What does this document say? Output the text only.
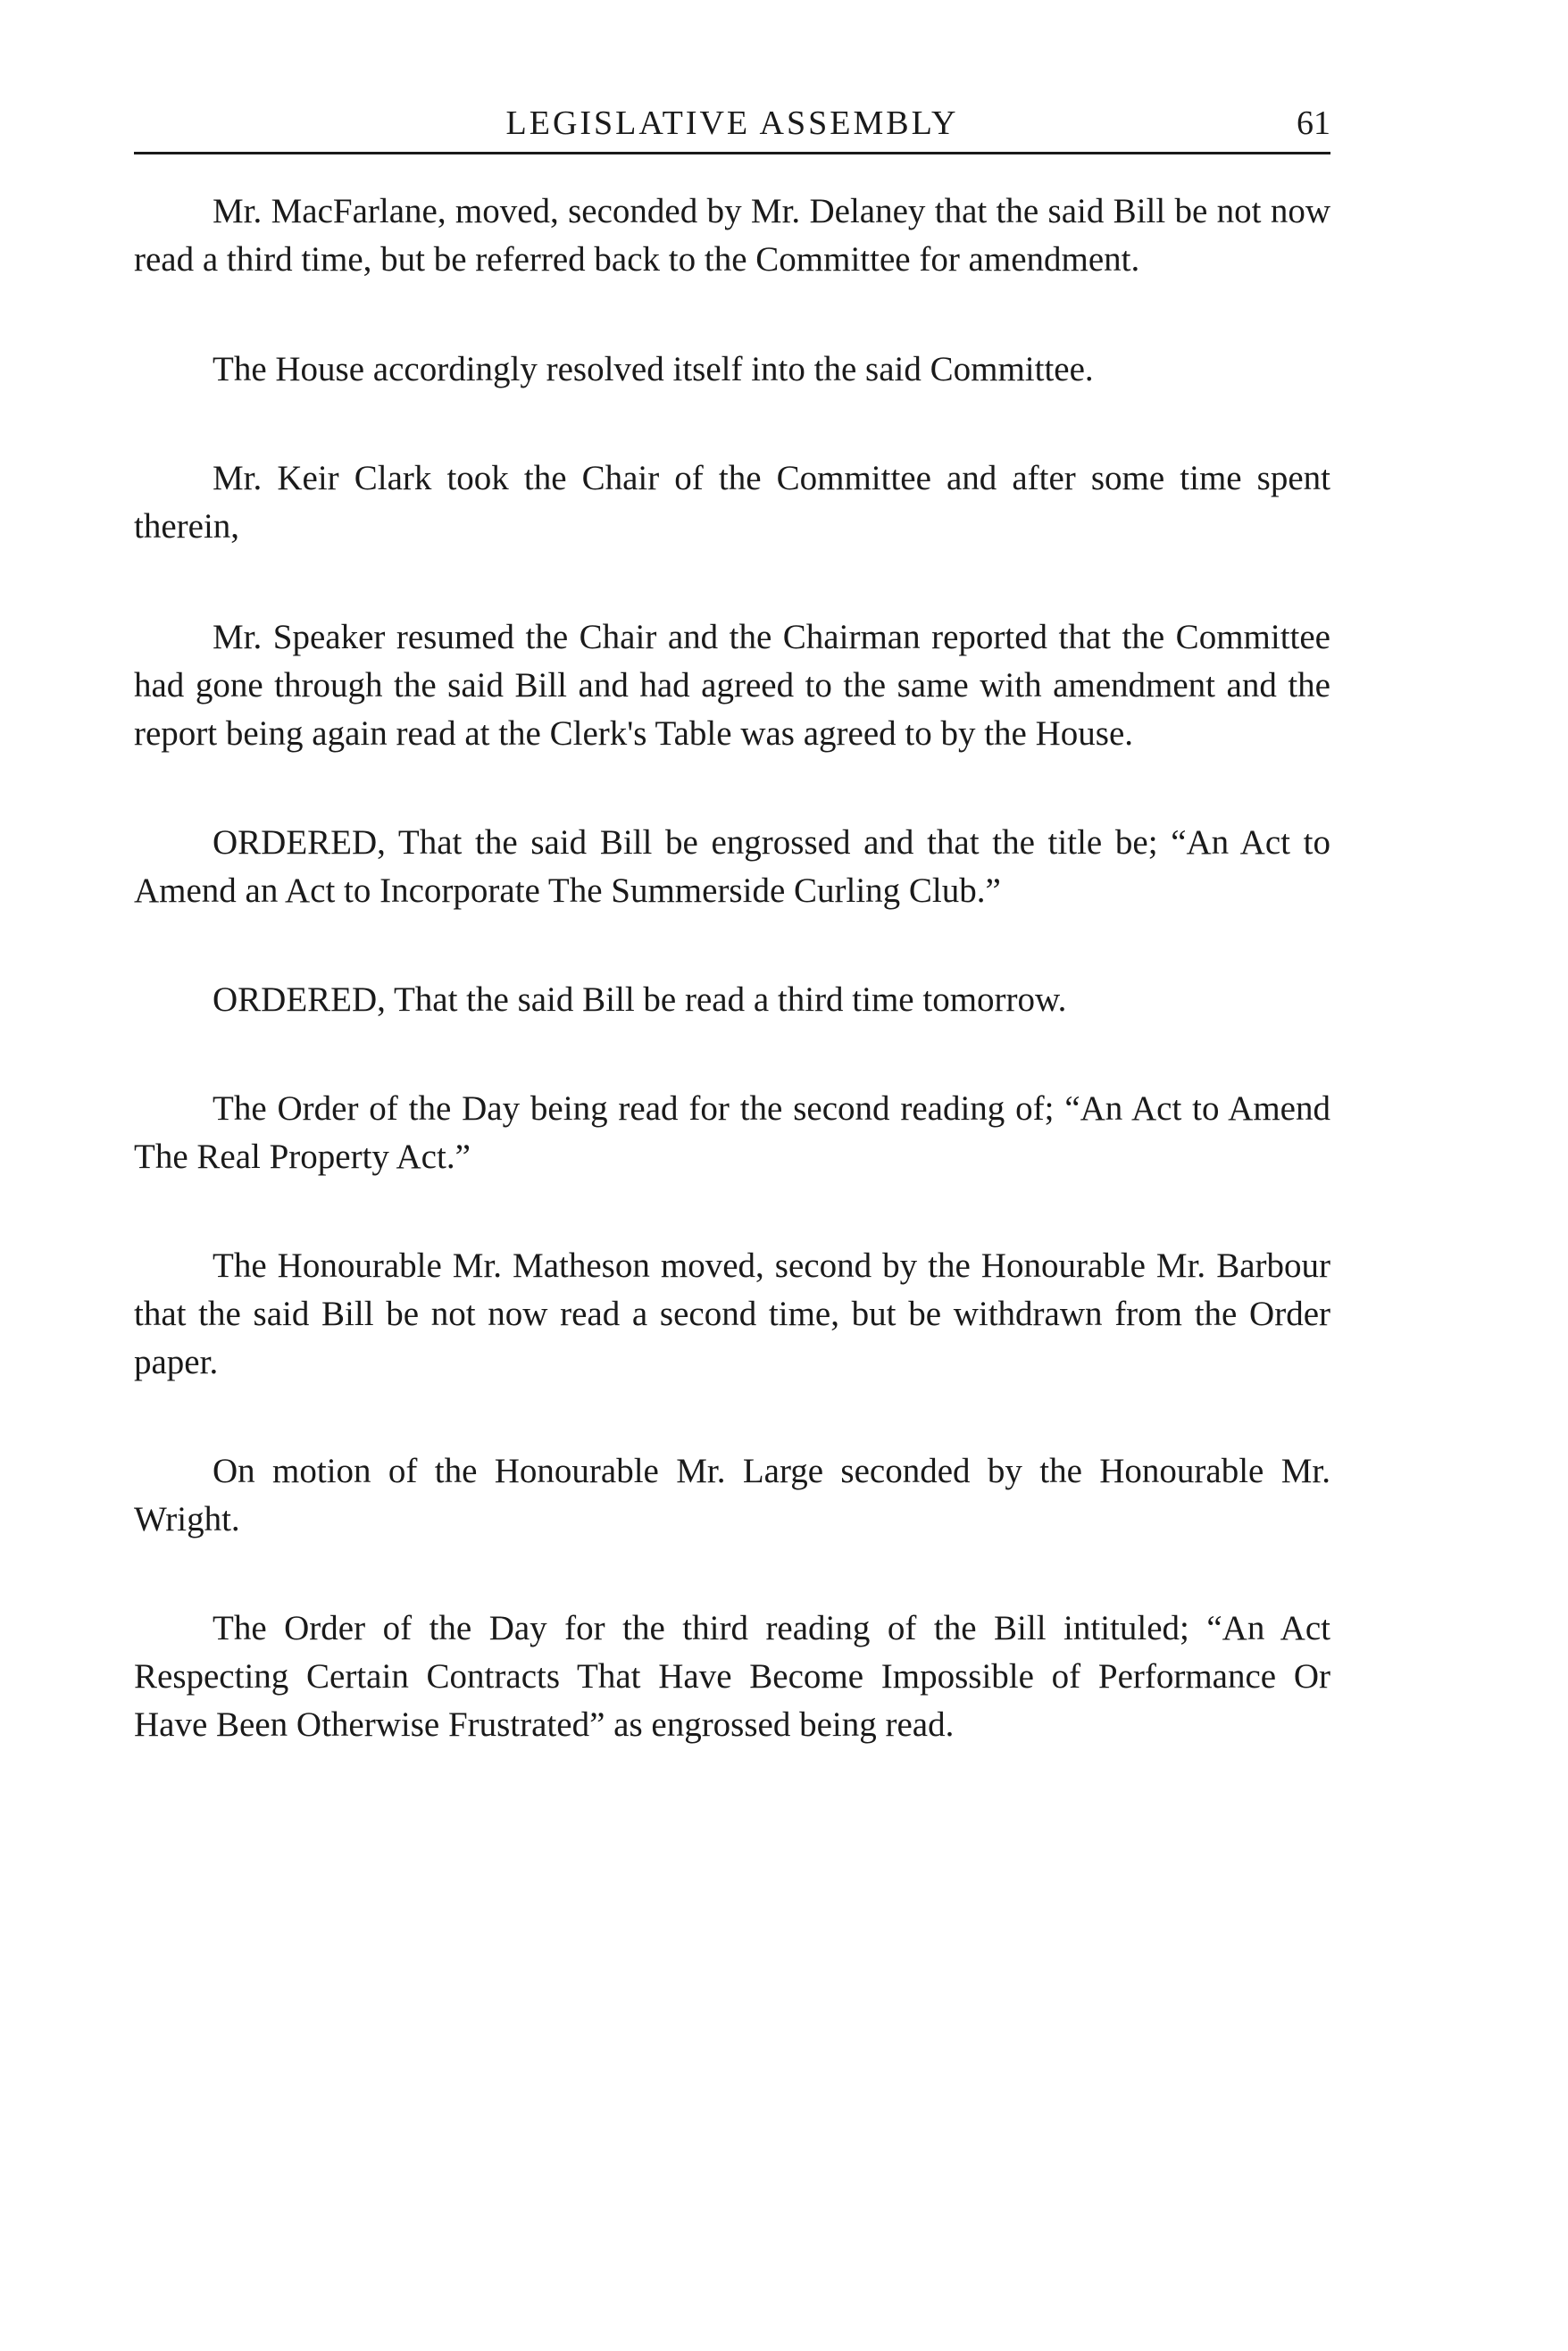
LEGISLATIVE ASSEMBLY	61

Mr. MacFarlane, moved, seconded by Mr. Delaney that the said Bill be not now read a third time, but be referred back to the Committee for amendment.

The House accordingly resolved itself into the said Committee.

Mr. Keir Clark took the Chair of the Committee and after some time spent therein,

Mr. Speaker resumed the Chair and the Chairman reported that the Committee had gone through the said Bill and had agreed to the same with amendment and the report being again read at the Clerk's Table was agreed to by the House.

ORDERED, That the said Bill be engrossed and that the title be; “An Act to Amend an Act to Incorporate The Summerside Curling Club.”

ORDERED, That the said Bill be read a third time tomorrow.

The Order of the Day being read for the second reading of; “An Act to Amend The Real Property Act.”

The Honourable Mr. Matheson moved, second by the Honourable Mr. Barbour that the said Bill be not now read a second time, but be withdrawn from the Order paper.

On motion of the Honourable Mr. Large seconded by the Honourable Mr. Wright.

The Order of the Day for the third reading of the Bill intituled; “An Act Respecting Certain Contracts That Have Become Impossible of Performance Or Have Been Otherwise Frustrated” as engrossed being read.
